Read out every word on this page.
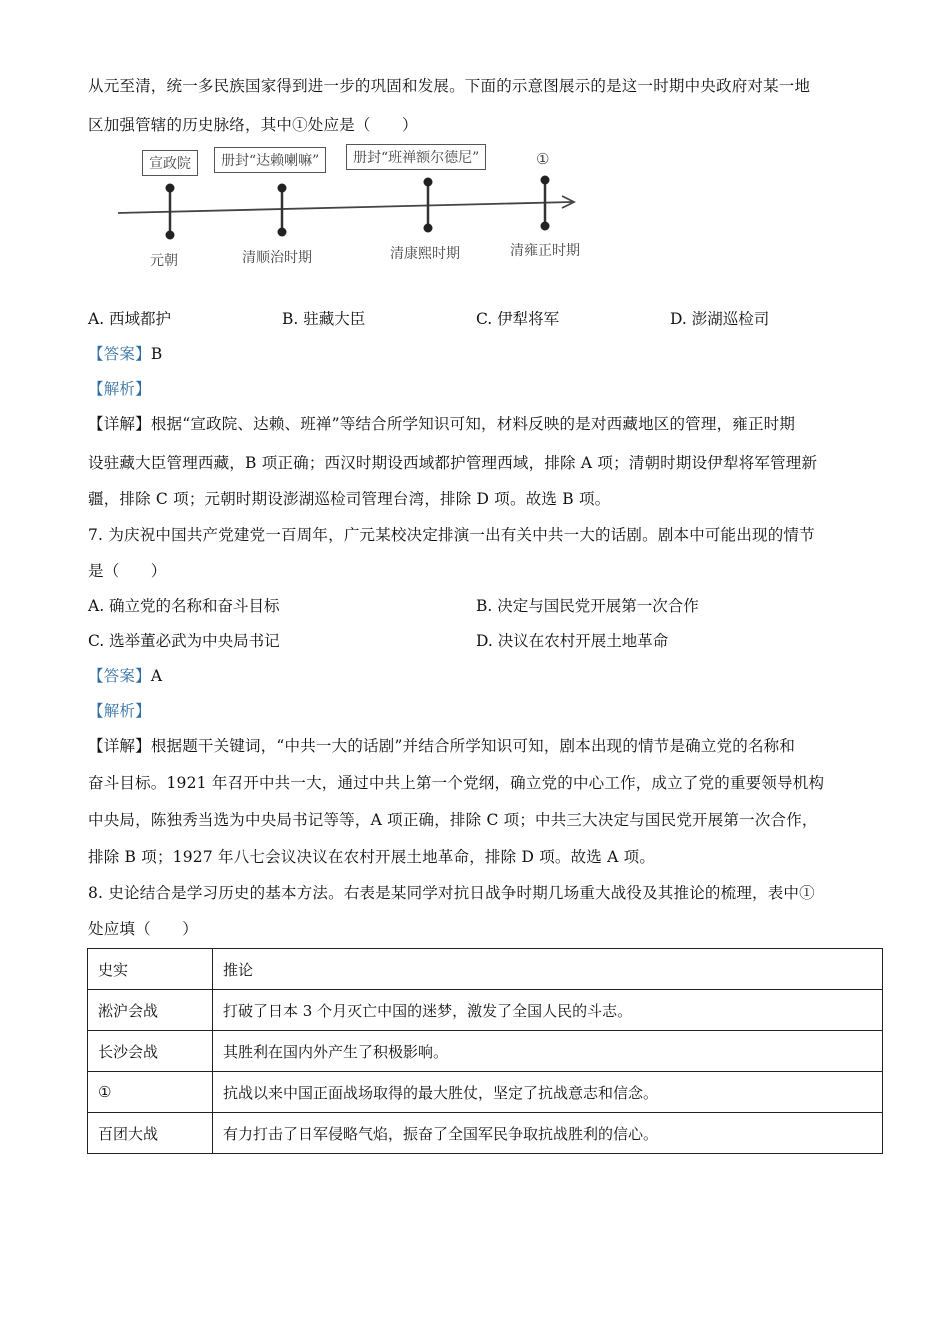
从元至清，统一多民族国家得到进一步的巩固和发展。下面的示意图展示的是这一时期中央政府对某一地
区加强管辖的历史脉络，其中①处应是（　　）
宣政院	册封“达赖喇嘛”	册封“班禅额尔德尼”	①
元朝	清顺治时期	清康熙时期	清雍正时期
A. 西域都护	B. 驻藏大臣	C. 伊犁将军	D. 澎湖巡检司
【答案】B
【解析】
【详解】根据“宣政院、达赖、班禅”等结合所学知识可知，材料反映的是对西藏地区的管理，雍正时期
设驻藏大臣管理西藏，B 项正确；西汉时期设西域都护管理西域，排除 A 项；清朝时期设伊犁将军管理新
疆，排除 C 项；元朝时期设澎湖巡检司管理台湾，排除 D 项。故选 B 项。
7. 为庆祝中国共产党建党一百周年，广元某校决定排演一出有关中共一大的话剧。剧本中可能出现的情节
是（　　）
A. 确立党的名称和奋斗目标	B. 决定与国民党开展第一次合作
C. 选举董必武为中央局书记	D. 决议在农村开展土地革命
【答案】A
【解析】
【详解】根据题干关键词，“中共一大的话剧”并结合所学知识可知，剧本出现的情节是确立党的名称和
奋斗目标。1921 年召开中共一大，通过中共上第一个党纲，确立党的中心工作，成立了党的重要领导机构
中央局，陈独秀当选为中央局书记等等，A 项正确，排除 C 项；中共三大决定与国民党开展第一次合作，
排除 B 项；1927 年八七会议决议在农村开展土地革命，排除 D 项。故选 A 项。
8. 史论结合是学习历史的基本方法。右表是某同学对抗日战争时期几场重大战役及其推论的梳理，表中①
处应填（　　）
史实	推论
淞沪会战	打破了日本 3 个月灭亡中国的迷梦，激发了全国人民的斗志。
长沙会战	其胜利在国内外产生了积极影响。
①	抗战以来中国正面战场取得的最大胜仗，坚定了抗战意志和信念。
百团大战	有力打击了日军侵略气焰，振奋了全国军民争取抗战胜利的信心。
